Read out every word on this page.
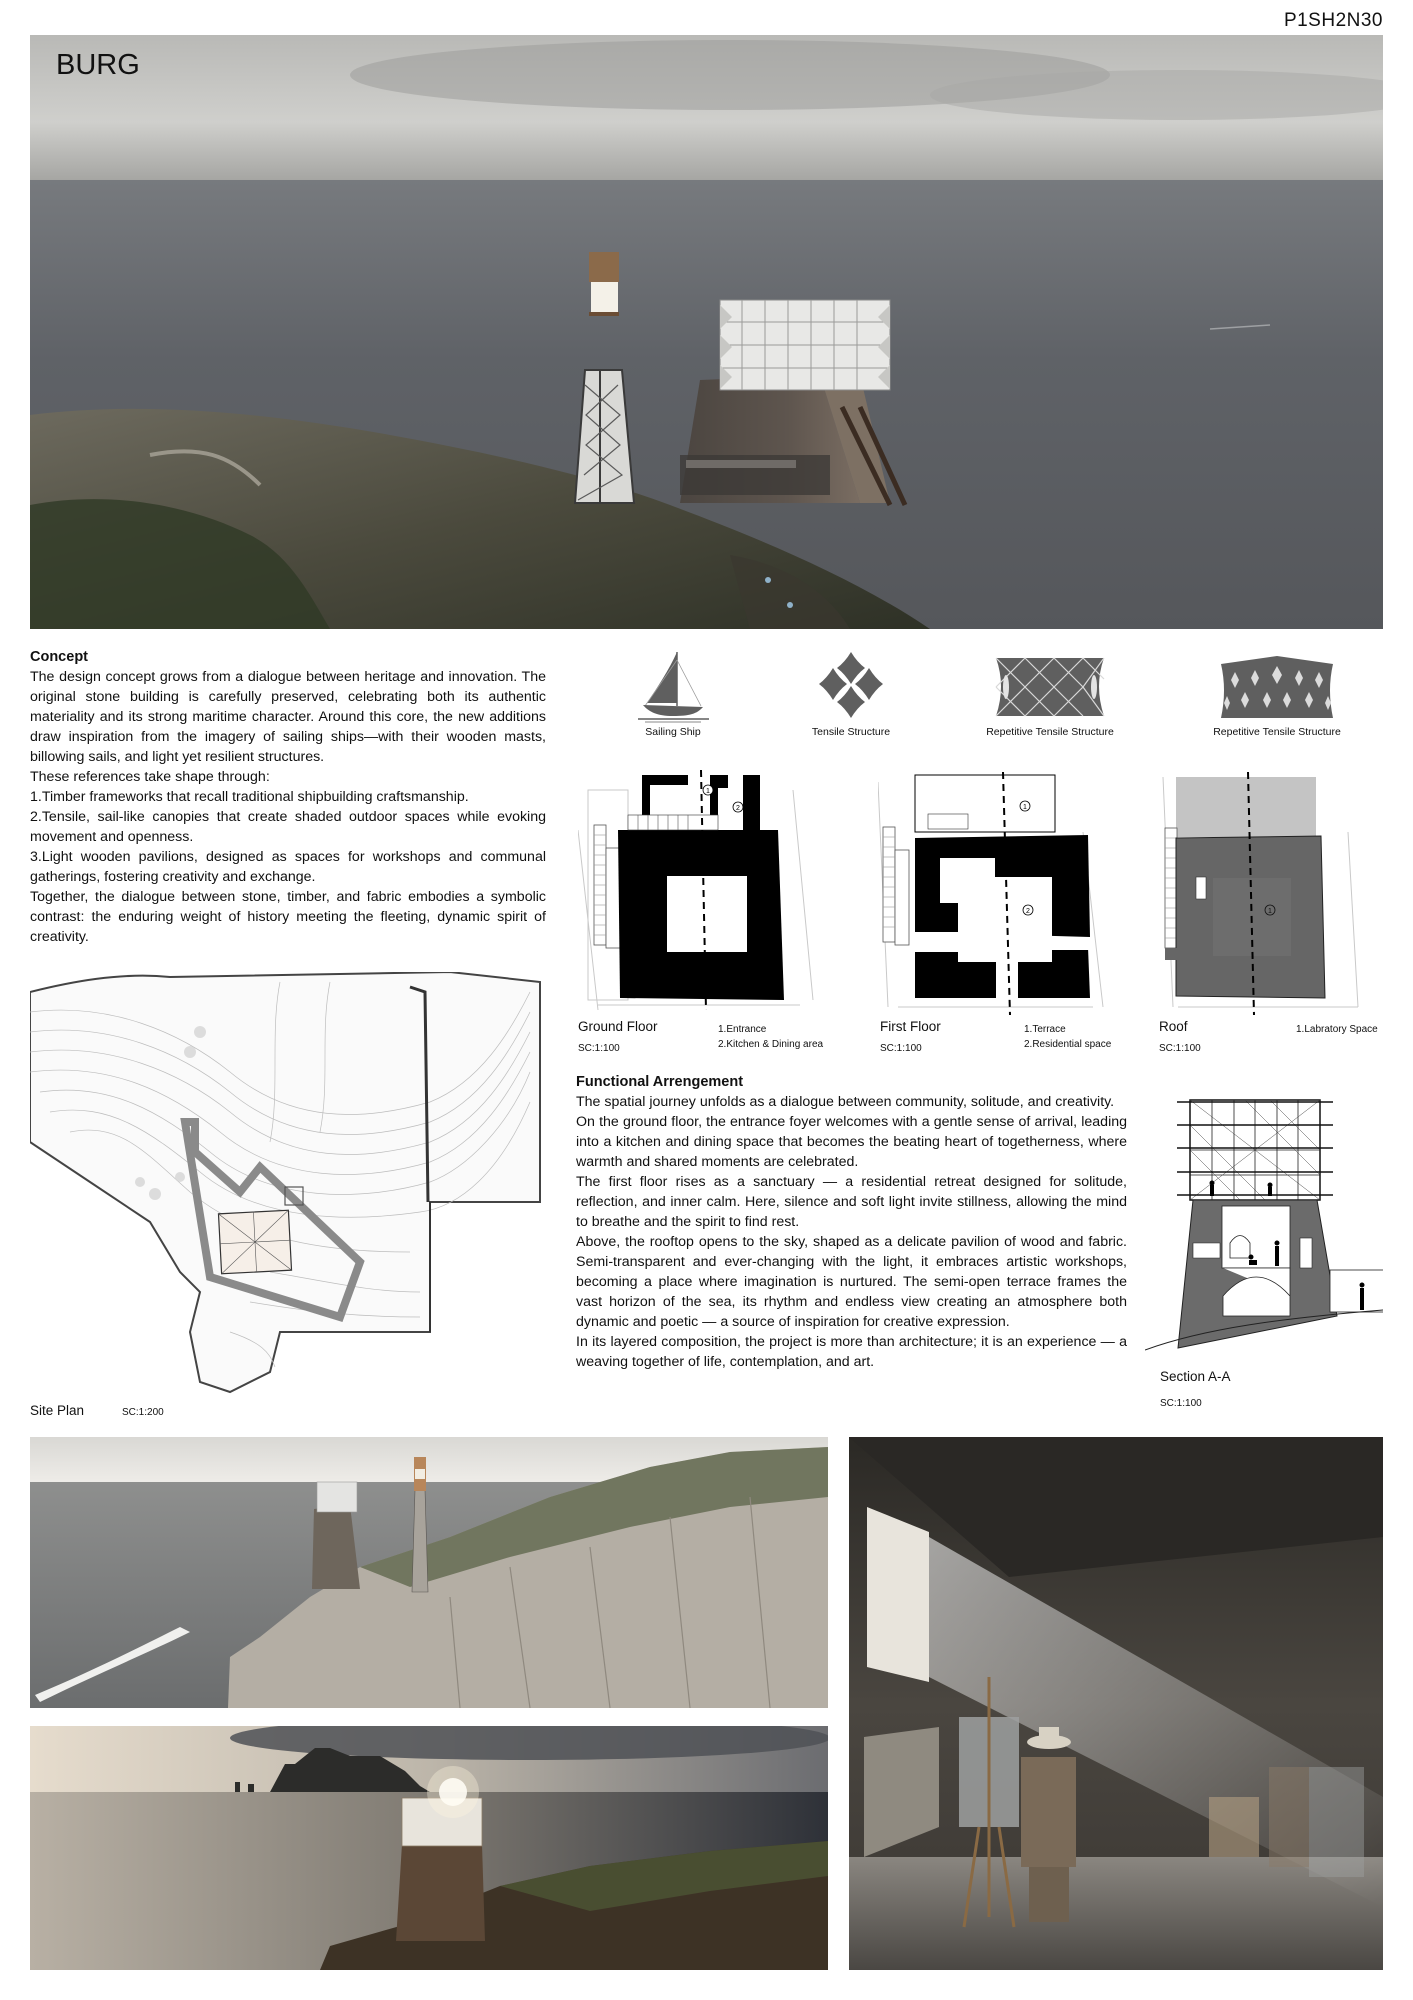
P1SH2N30
BURG
Concept

The design concept grows from a dialogue between heritage and innovation. The original stone building is carefully preserved, celebrating both its authentic materiality and its strong maritime character. Around this core, the new additions draw inspiration from the imagery of sailing ships—with their wooden masts, billowing sails, and light yet resilient structures.

These references take shape through:

1.Timber frameworks that recall traditional shipbuilding craftsmanship.

2.Tensile, sail-like canopies that create shaded outdoor spaces while evoking movement and openness.

3.Light wooden pavilions, designed as spaces for workshops and communal gatherings, fostering creativity and exchange.

Together, the dialogue between stone, timber, and fabric embodies a symbolic contrast: the enduring weight of history meeting the fleeting, dynamic spirit of creativity.

Sailing Ship	Tensile Structure	Repetitive Tensile Structure	Repetitive Tensile Structure
1
2
Ground Floor
SC:1:100
1.Entrance
2.Kitchen & Dining area
1
2
First Floor
SC:1:100
1.Terrace
2.Residential space
1
Roof
SC:1:100
1.Labratory Space
Site Plan	SC:1:200
Functional Arrengement

The spatial journey unfolds as a dialogue between community, solitude, and creativity.

On the ground floor, the entrance foyer welcomes with a gentle sense of arrival, leading into a kitchen and dining space that becomes the beating heart of togetherness, where warmth and shared moments are celebrated.

The first floor rises as a sanctuary — a residential retreat designed for solitude, reflection, and inner calm. Here, silence and soft light invite stillness, allowing the mind to breathe and the spirit to find rest.

Above, the rooftop opens to the sky, shaped as a delicate pavilion of wood and fabric. Semi-transparent and ever-changing with the light, it embraces artistic workshops, becoming a place where imagination is nurtured. The semi-open terrace frames the vast horizon of the sea, its rhythm and endless view creating an atmosphere both dynamic and poetic — a source of inspiration for creative expression.

In its layered composition, the project is more than architecture; it is an experience — a weaving together of life, contemplation, and art.

Section A-A
SC:1:100
